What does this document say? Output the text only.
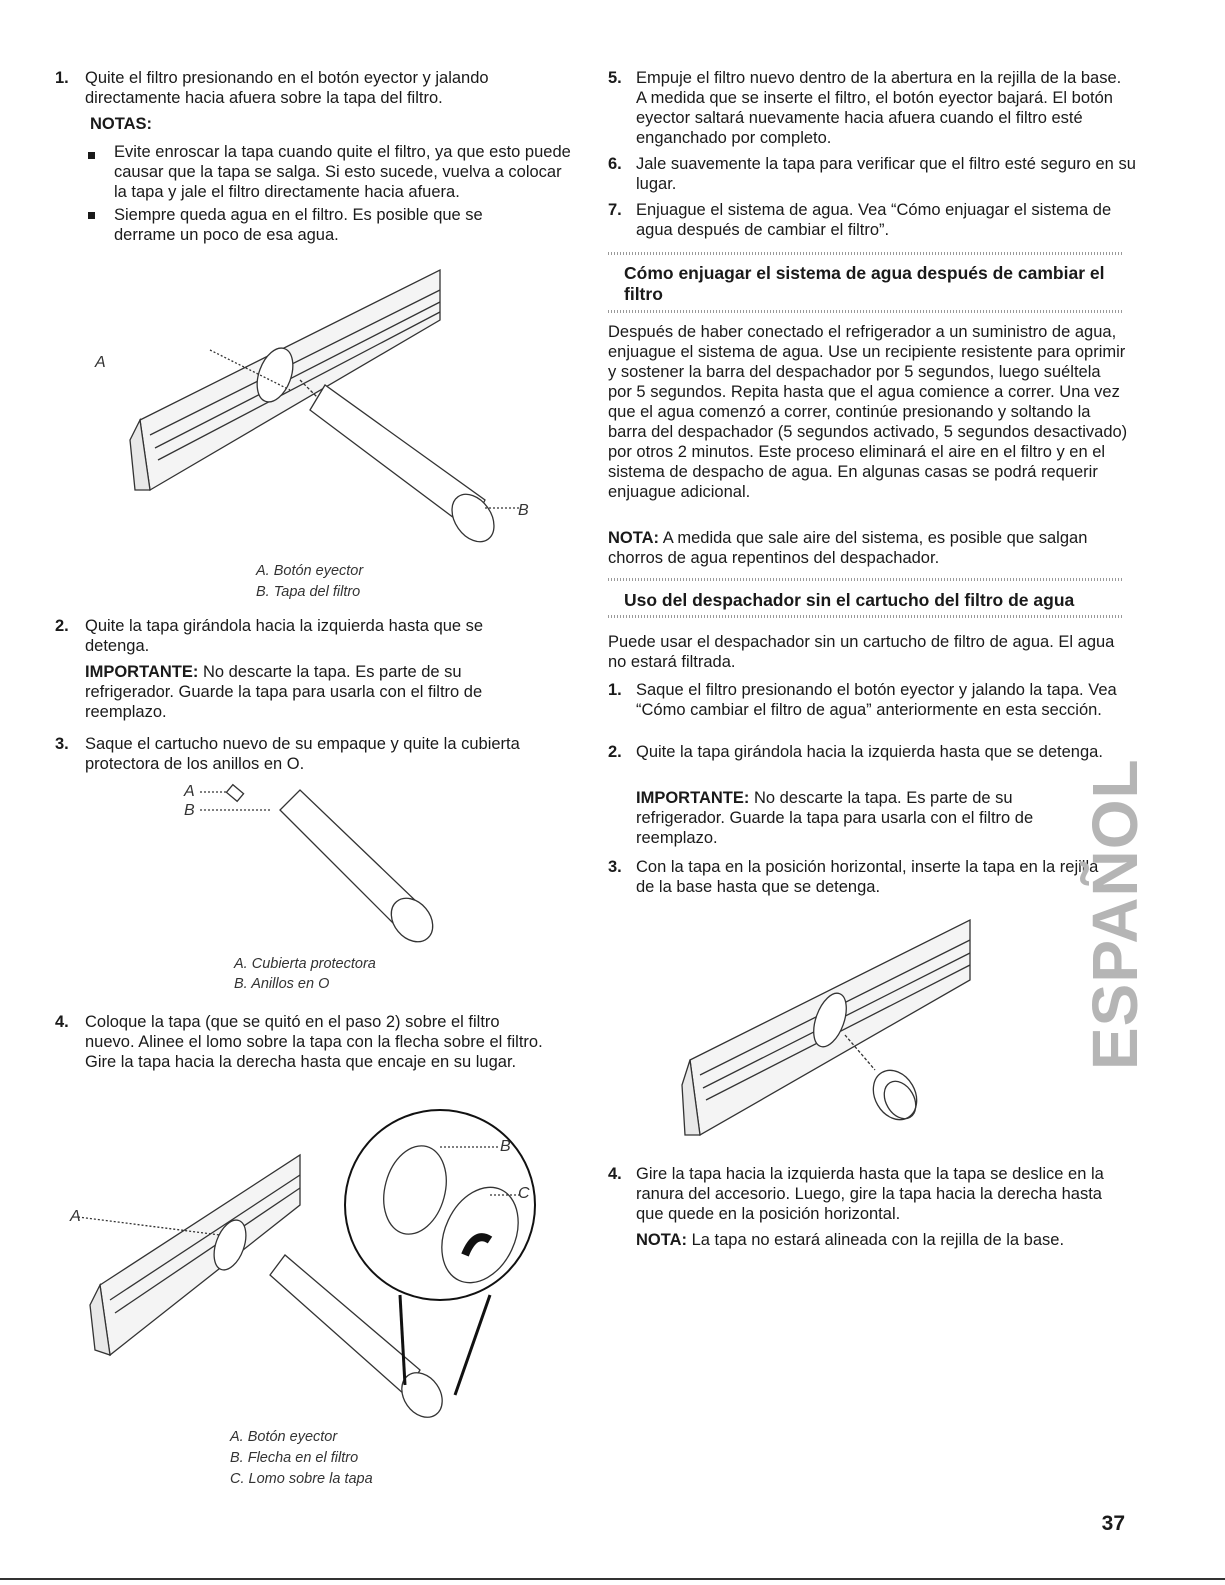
1. Quite el filtro presionando en el botón eyector y jalando directamente hacia afuera sobre la tapa del filtro.

NOTAS:

Evite enroscar la tapa cuando quite el filtro, ya que esto puede causar que la tapa se salga. Si esto sucede, vuelva a colocar la tapa y jale el filtro directamente hacia afuera.

Siempre queda agua en el filtro. Es posible que se derrame un poco de esa agua.

A
B
A. Botón eyector
B. Tapa del filtro
2. Quite la tapa girándola hacia la izquierda hasta que se detenga.

IMPORTANTE: No descarte la tapa. Es parte de su refrigerador. Guarde la tapa para usarla con el filtro de reemplazo.

3. Saque el cartucho nuevo de su empaque y quite la cubierta protectora de los anillos en O.

A
B
A. Cubierta protectora
B. Anillos en O
4. Coloque la tapa (que se quitó en el paso 2) sobre el filtro nuevo. Alinee el lomo sobre la tapa con la flecha sobre el filtro. Gire la tapa hacia la derecha hasta que encaje en su lugar.

A
B
C
A. Botón eyector
B. Flecha en el filtro
C. Lomo sobre la tapa
5. Empuje el filtro nuevo dentro de la abertura en la rejilla de la base. A medida que se inserte el filtro, el botón eyector bajará. El botón eyector saltará nuevamente hacia afuera cuando el filtro esté enganchado por completo.

6. Jale suavemente la tapa para verificar que el filtro esté seguro en su lugar.

7. Enjuague el sistema de agua. Vea “Cómo enjuagar el sistema de agua después de cambiar el filtro”.

Cómo enjuagar el sistema de agua después de cambiar el filtro

Después de haber conectado el refrigerador a un suministro de agua, enjuague el sistema de agua. Use un recipiente resistente para oprimir y sostener la barra del despachador por 5 segundos, luego suéltela por 5 segundos. Repita hasta que el agua comience a correr. Una vez que el agua comenzó a correr, continúe presionando y soltando la barra del despachador (5 segundos activado, 5 segundos desactivado) por otros 2 minutos. Este proceso eliminará el aire en el filtro y en el sistema de despacho de agua. En algunas casas se podrá requerir enjuague adicional.

NOTA: A medida que sale aire del sistema, es posible que salgan chorros de agua repentinos del despachador.

Uso del despachador sin el cartucho del filtro de agua

Puede usar el despachador sin un cartucho de filtro de agua. El agua no estará filtrada.

1. Saque el filtro presionando el botón eyector y jalando la tapa. Vea “Cómo cambiar el filtro de agua” anteriormente en esta sección.

2. Quite la tapa girándola hacia la izquierda hasta que se detenga.

IMPORTANTE: No descarte la tapa. Es parte de su refrigerador. Guarde la tapa para usarla con el filtro de reemplazo.

3. Con la tapa en la posición horizontal, inserte la tapa en la rejilla de la base hasta que se detenga.

4. Gire la tapa hacia la izquierda hasta que la tapa se deslice en la ranura del accesorio. Luego, gire la tapa hacia la derecha hasta que quede en la posición horizontal.

NOTA: La tapa no estará alineada con la rejilla de la base.

ESPAÑOL
37
